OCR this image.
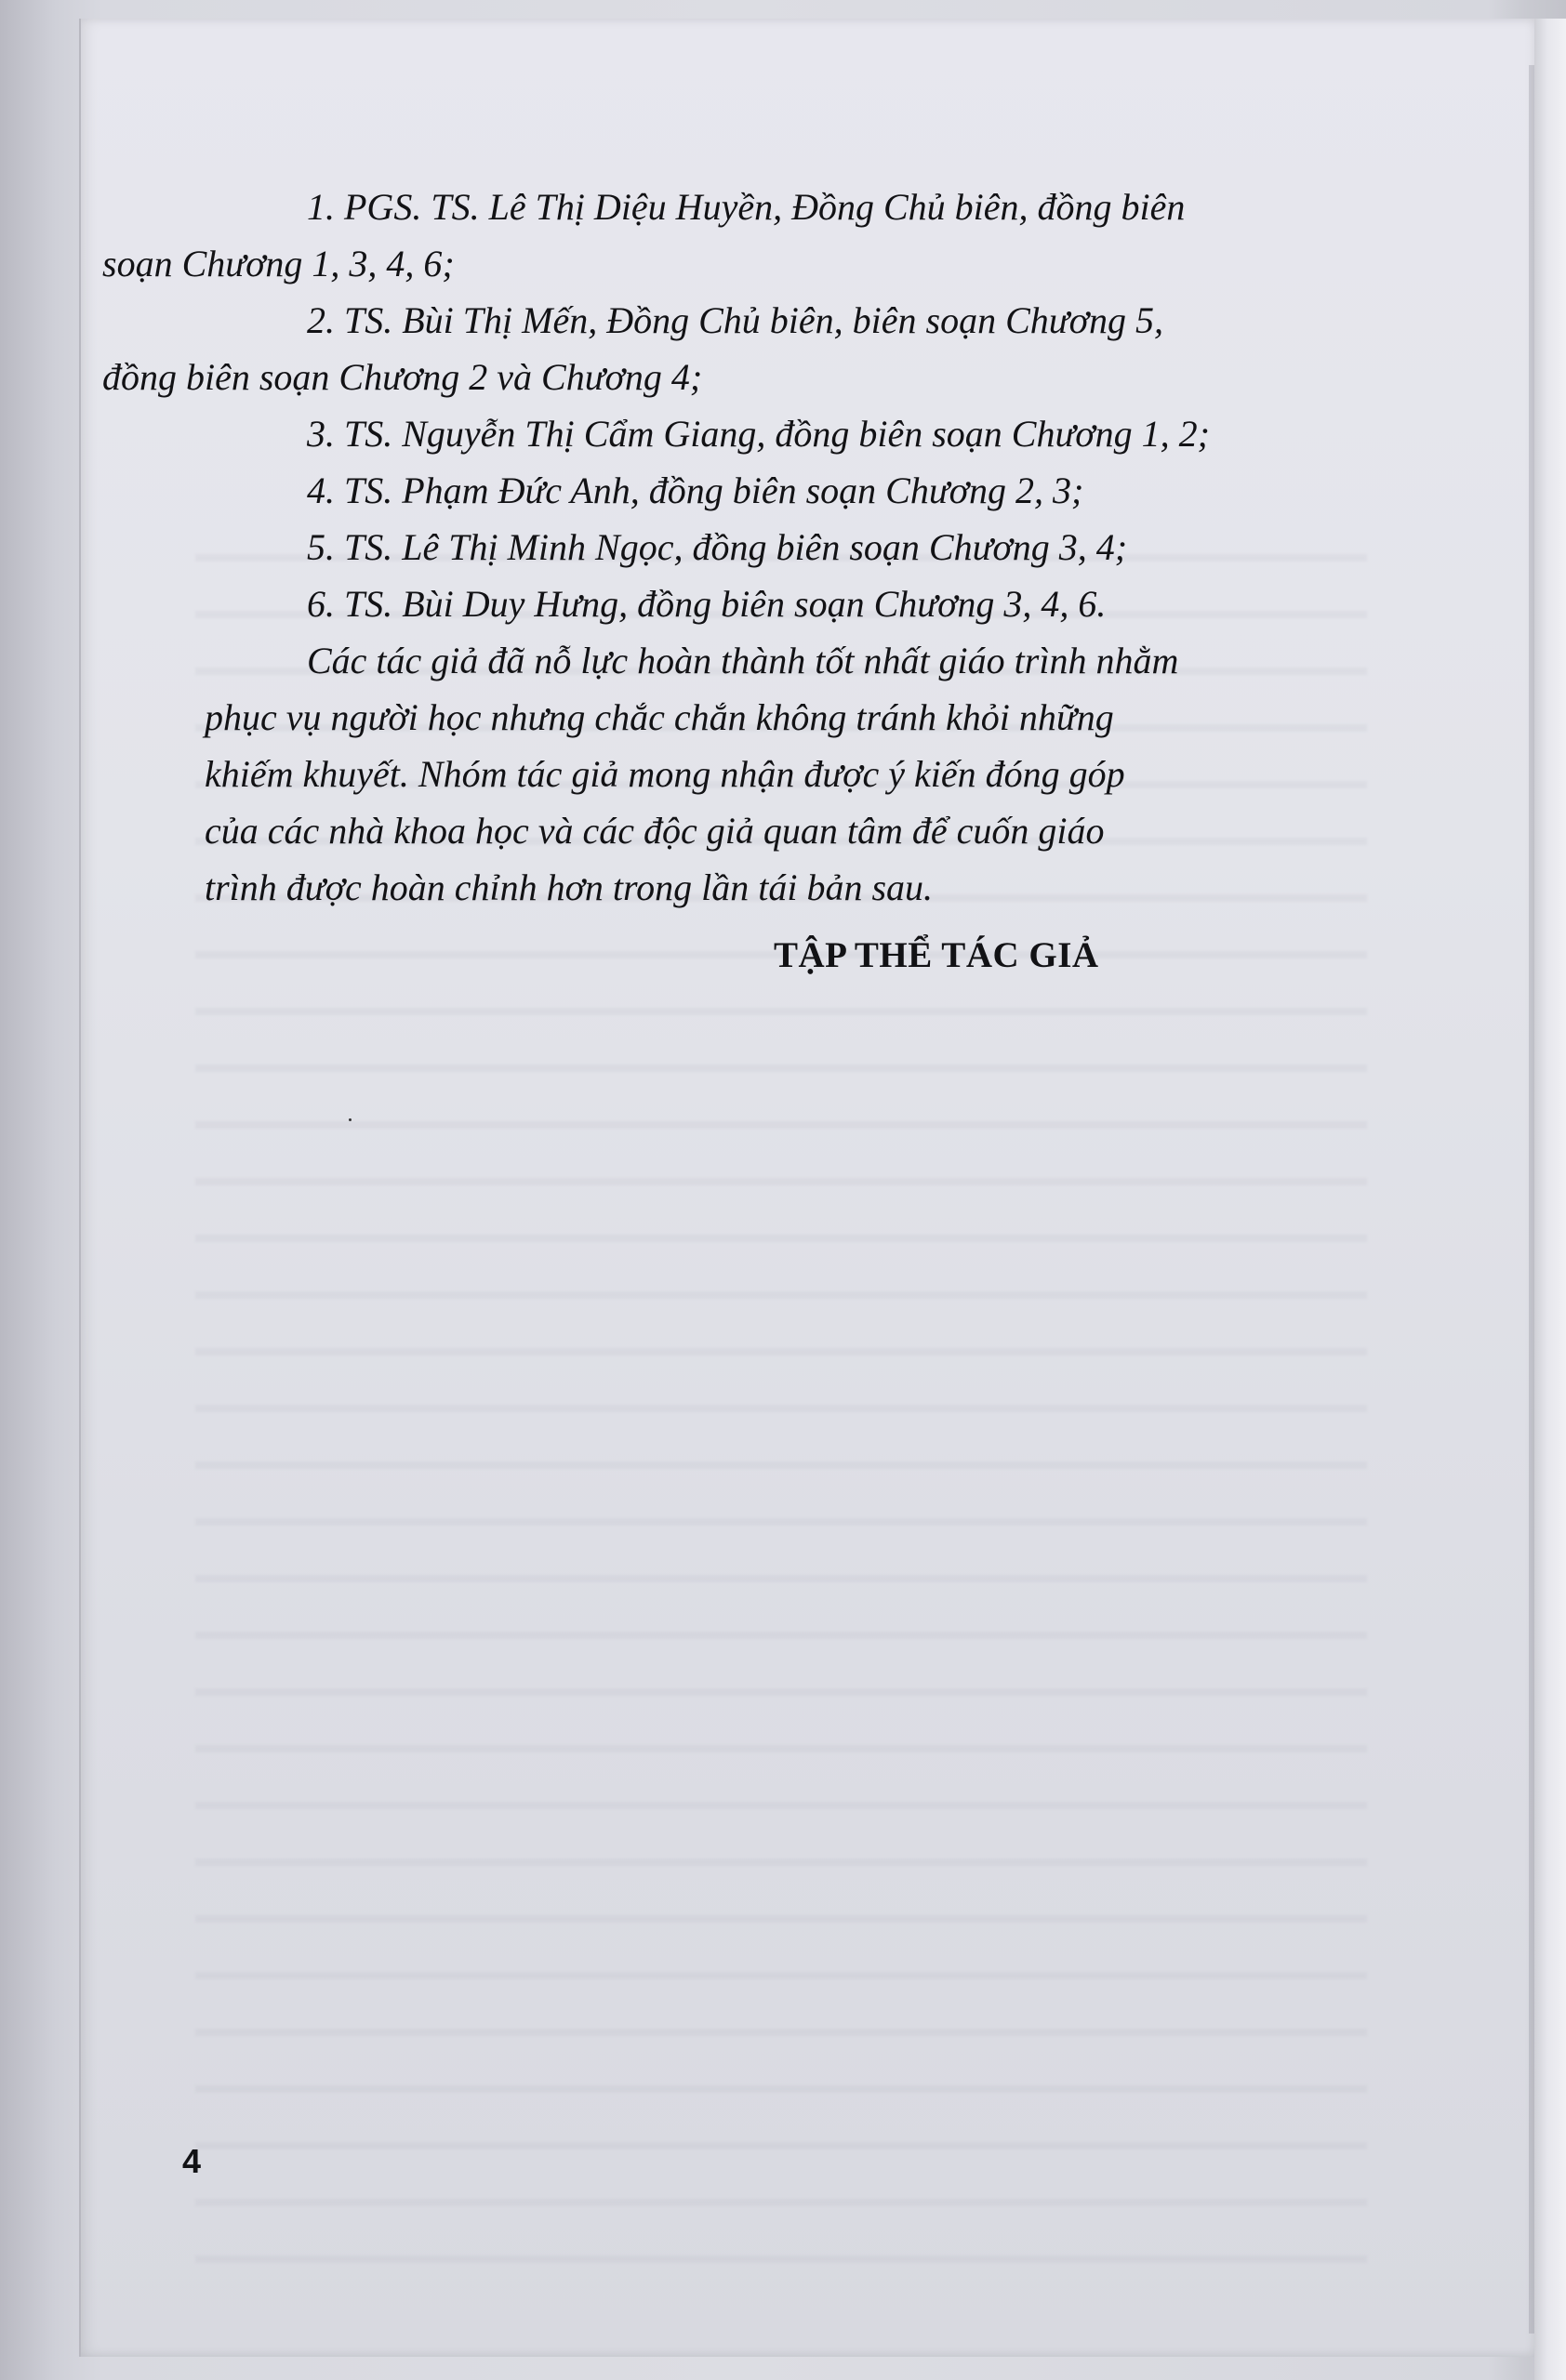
1. PGS. TS. Lê Thị Diệu Huyền, Đồng Chủ biên, đồng biên
soạn Chương 1, 3, 4, 6;

2. TS. Bùi Thị Mến, Đồng Chủ biên, biên soạn Chương 5,
đồng biên soạn Chương 2 và Chương 4;

3. TS. Nguyễn Thị Cẩm Giang, đồng biên soạn Chương 1, 2;

4. TS. Phạm Đức Anh, đồng biên soạn Chương 2, 3;

5. TS. Lê Thị Minh Ngọc, đồng biên soạn Chương 3, 4;

6. TS. Bùi Duy Hưng, đồng biên soạn Chương 3, 4, 6.

Các tác giả đã nỗ lực hoàn thành tốt nhất giáo trình nhằm
phục vụ người học nhưng chắc chắn không tránh khỏi những
khiếm khuyết. Nhóm tác giả mong nhận được ý kiến đóng góp
của các nhà khoa học và các độc giả quan tâm để cuốn giáo
trình được hoàn chỉnh hơn trong lần tái bản sau.

TẬP THỂ TÁC GIẢ
4
